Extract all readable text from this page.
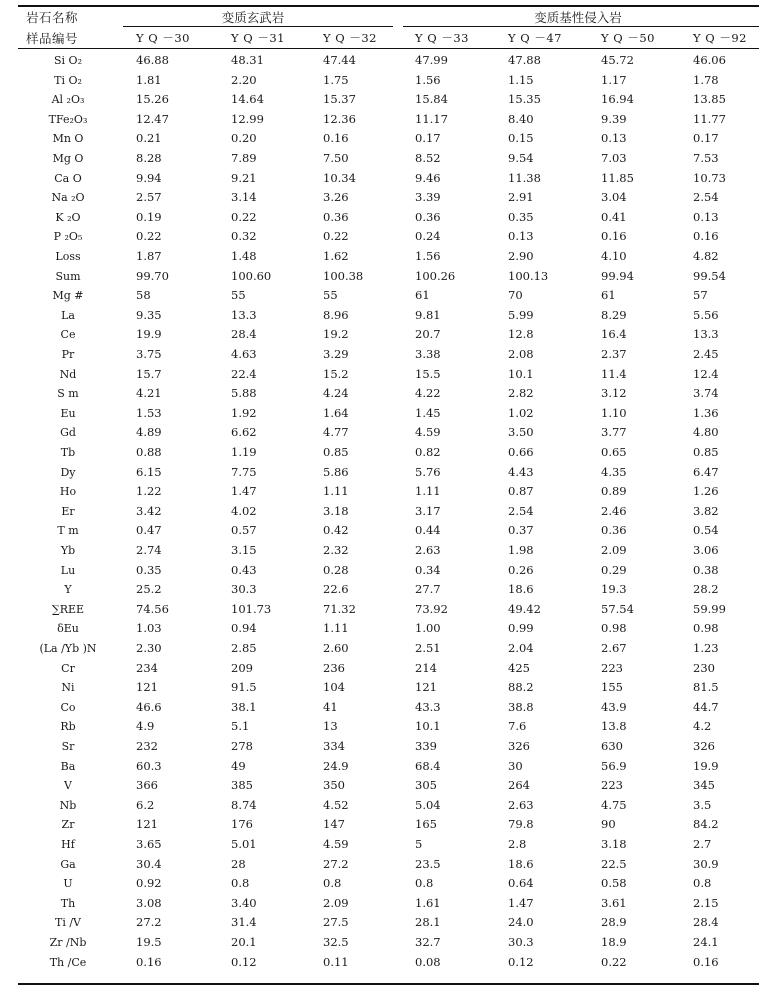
岩石名称	变质玄武岩	变质基性侵入岩
样品编号	Y Q －30	Y Q －31	Y Q －32	Y Q －33	Y Q －47	Y Q －50	Y Q －92
Si O₂	46.88	48.31	47.44	47.99	47.88	45.72	46.06
Ti O₂	1.81	2.20	1.75	1.56	1.15	1.17	1.78
Al ₂O₃	15.26	14.64	15.37	15.84	15.35	16.94	13.85
TFe₂O₃	12.47	12.99	12.36	11.17	8.40	9.39	11.77
Mn O	0.21	0.20	0.16	0.17	0.15	0.13	0.17
Mg O	8.28	7.89	7.50	8.52	9.54	7.03	7.53
Ca O	9.94	9.21	10.34	9.46	11.38	11.85	10.73
Na ₂O	2.57	3.14	3.26	3.39	2.91	3.04	2.54
K ₂O	0.19	0.22	0.36	0.36	0.35	0.41	0.13
P ₂O₅	0.22	0.32	0.22	0.24	0.13	0.16	0.16
Loss	1.87	1.48	1.62	1.56	2.90	4.10	4.82
Sum	99.70	100.60	100.38	100.26	100.13	99.94	99.54
Mg #	58	55	55	61	70	61	57
La	9.35	13.3	8.96	9.81	5.99	8.29	5.56
Ce	19.9	28.4	19.2	20.7	12.8	16.4	13.3
Pr	3.75	4.63	3.29	3.38	2.08	2.37	2.45
Nd	15.7	22.4	15.2	15.5	10.1	11.4	12.4
S m	4.21	5.88	4.24	4.22	2.82	3.12	3.74
Eu	1.53	1.92	1.64	1.45	1.02	1.10	1.36
Gd	4.89	6.62	4.77	4.59	3.50	3.77	4.80
Tb	0.88	1.19	0.85	0.82	0.66	0.65	0.85
Dy	6.15	7.75	5.86	5.76	4.43	4.35	6.47
Ho	1.22	1.47	1.11	1.11	0.87	0.89	1.26
Er	3.42	4.02	3.18	3.17	2.54	2.46	3.82
T m	0.47	0.57	0.42	0.44	0.37	0.36	0.54
Yb	2.74	3.15	2.32	2.63	1.98	2.09	3.06
Lu	0.35	0.43	0.28	0.34	0.26	0.29	0.38
Y	25.2	30.3	22.6	27.7	18.6	19.3	28.2
∑REE	74.56	101.73	71.32	73.92	49.42	57.54	59.99
δEu	1.03	0.94	1.11	1.00	0.99	0.98	0.98
(La /Yb )N	2.30	2.85	2.60	2.51	2.04	2.67	1.23
Cr	234	209	236	214	425	223	230
Ni	121	91.5	104	121	88.2	155	81.5
Co	46.6	38.1	41	43.3	38.8	43.9	44.7
Rb	4.9	5.1	13	10.1	7.6	13.8	4.2
Sr	232	278	334	339	326	630	326
Ba	60.3	49	24.9	68.4	30	56.9	19.9
V	366	385	350	305	264	223	345
Nb	6.2	8.74	4.52	5.04	2.63	4.75	3.5
Zr	121	176	147	165	79.8	90	84.2
Hf	3.65	5.01	4.59	5	2.8	3.18	2.7
Ga	30.4	28	27.2	23.5	18.6	22.5	30.9
U	0.92	0.8	0.8	0.8	0.64	0.58	0.8
Th	3.08	3.40	2.09	1.61	1.47	3.61	2.15
Ti /V	27.2	31.4	27.5	28.1	24.0	28.9	28.4
Zr /Nb	19.5	20.1	32.5	32.7	30.3	18.9	24.1
Th /Ce	0.16	0.12	0.11	0.08	0.12	0.22	0.16
